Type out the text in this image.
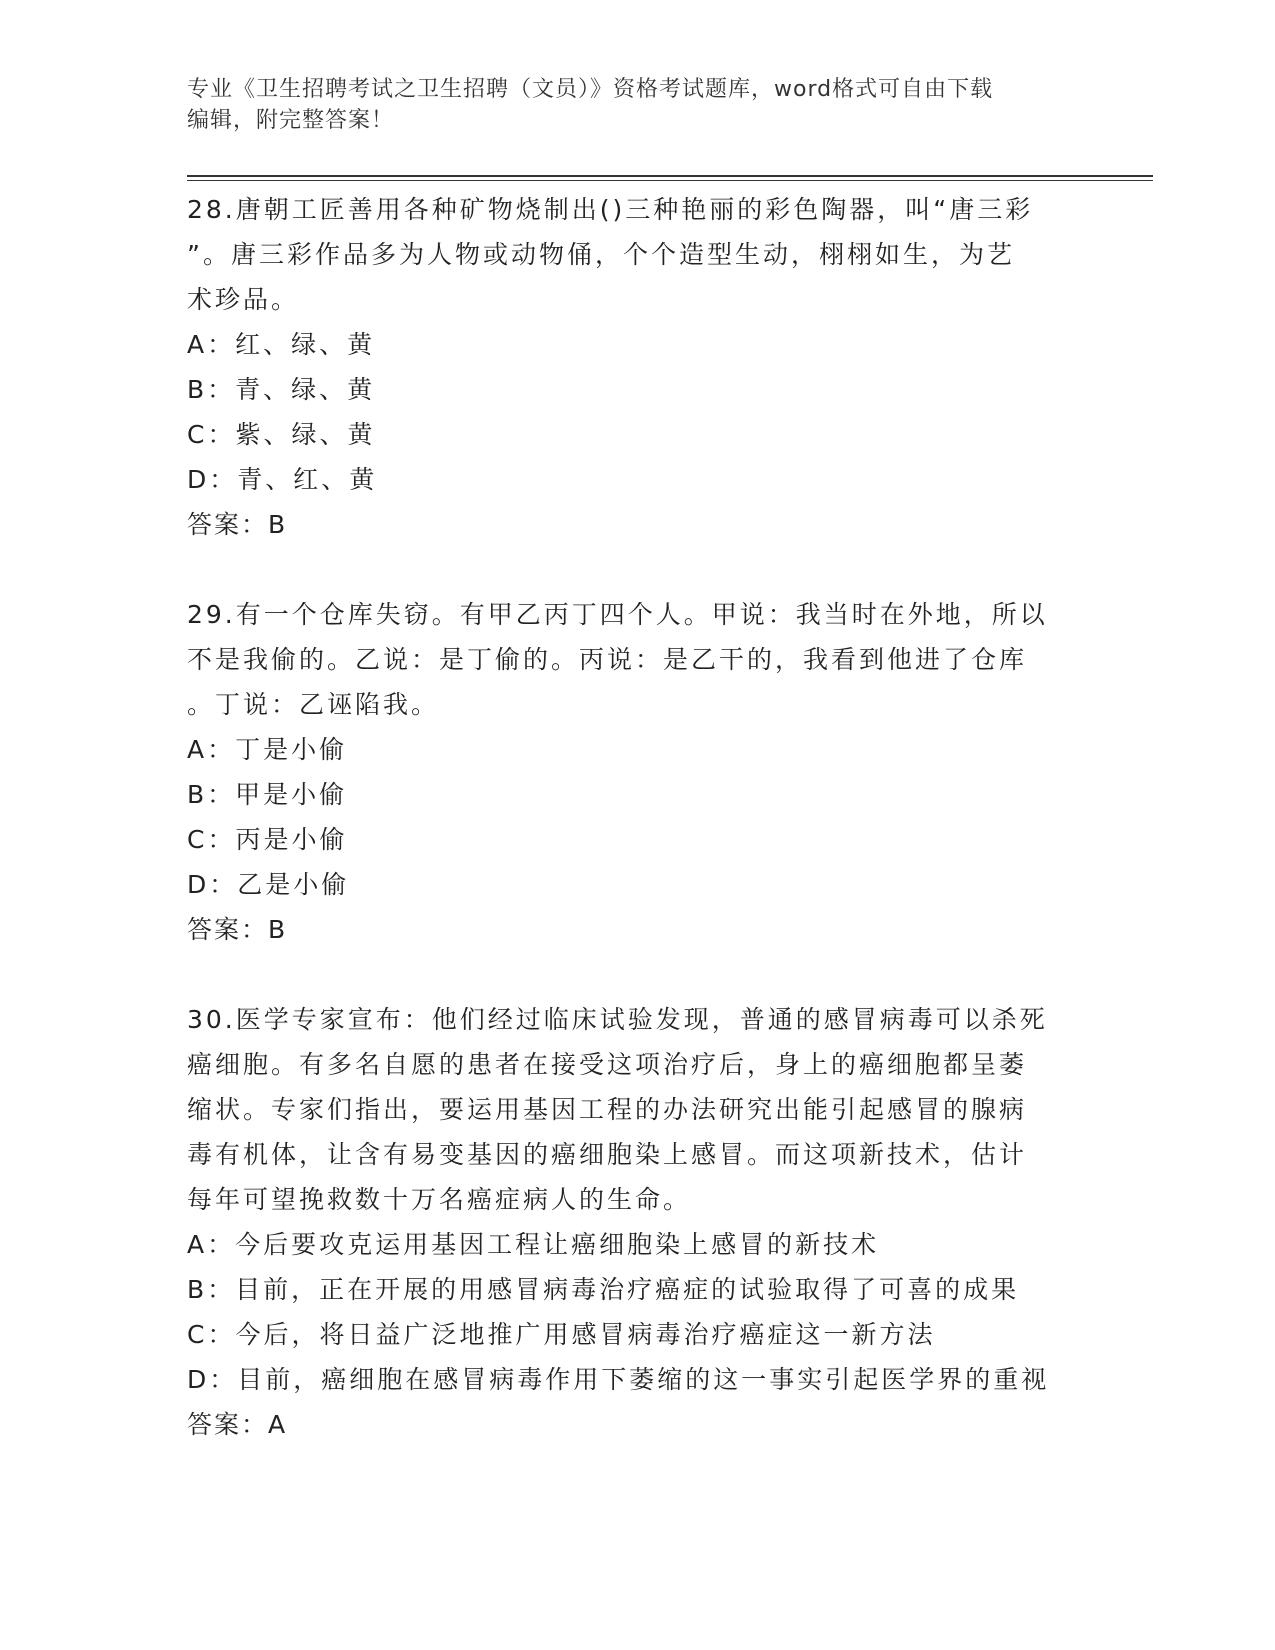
专业《卫生招聘考试之卫生招聘（文员）》资格考试题库，word格式可自由下载
编辑，附完整答案！
28.唐朝工匠善用各种矿物烧制出()三种艳丽的彩色陶器，叫“唐三彩
”。唐三彩作品多为人物或动物俑，个个造型生动，栩栩如生，为艺
术珍品。
A：红、绿、黄
B：青、绿、黄
C：紫、绿、黄
D：青、红、黄
答案：B
29.有一个仓库失窃。有甲乙丙丁四个人。甲说：我当时在外地，所以
不是我偷的。乙说：是丁偷的。丙说：是乙干的，我看到他进了仓库
。丁说：乙诬陷我。
A：丁是小偷
B：甲是小偷
C：丙是小偷
D：乙是小偷
答案：B
30.医学专家宣布：他们经过临床试验发现，普通的感冒病毒可以杀死
癌细胞。有多名自愿的患者在接受这项治疗后，身上的癌细胞都呈萎
缩状。专家们指出，要运用基因工程的办法研究出能引起感冒的腺病
毒有机体，让含有易变基因的癌细胞染上感冒。而这项新技术，估计
每年可望挽救数十万名癌症病人的生命。
A：今后要攻克运用基因工程让癌细胞染上感冒的新技术
B：目前，正在开展的用感冒病毒治疗癌症的试验取得了可喜的成果
C：今后，将日益广泛地推广用感冒病毒治疗癌症这一新方法
D：目前，癌细胞在感冒病毒作用下萎缩的这一事实引起医学界的重视
答案：A
